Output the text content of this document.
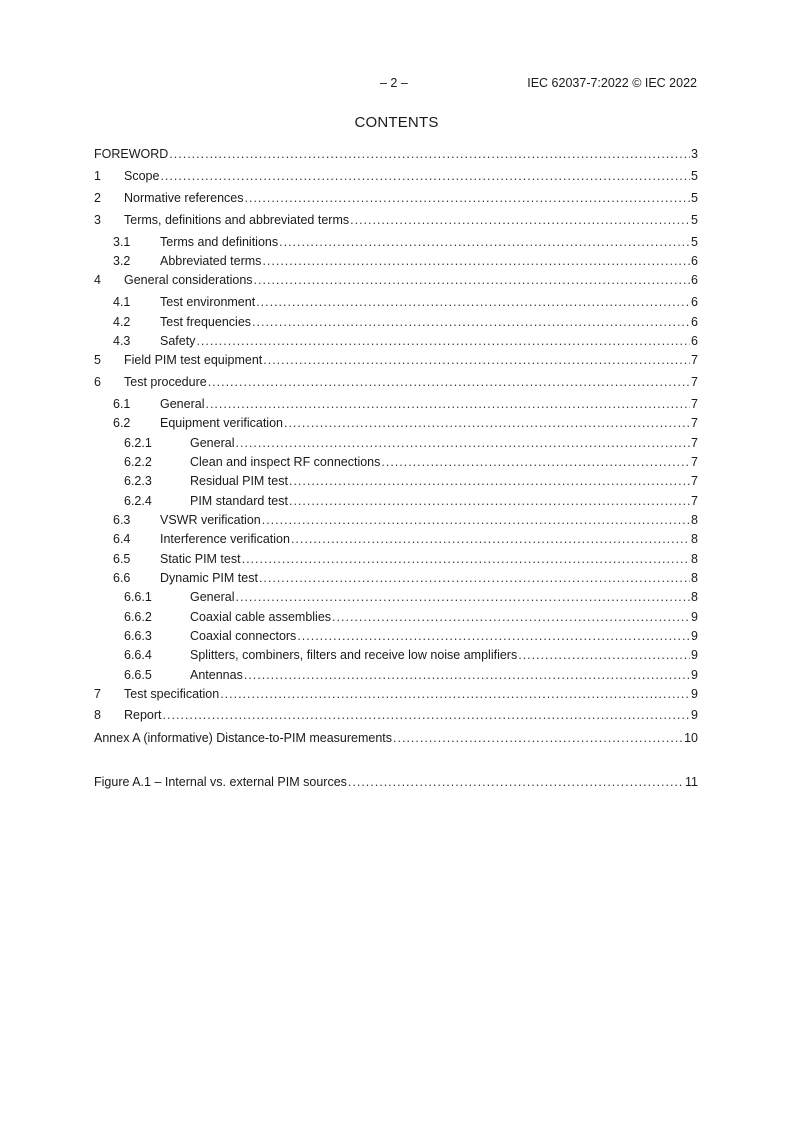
– 2 –	IEC 62037-7:2022 © IEC 2022
CONTENTS
FOREWORD .....	3
1	Scope .....	5
2	Normative references .....	5
3	Terms, definitions and abbreviated terms .....	5
3.1	Terms and definitions .....	5
3.2	Abbreviated terms .....	6
4	General considerations .....	6
4.1	Test environment .....	6
4.2	Test frequencies .....	6
4.3	Safety .....	6
5	Field PIM test equipment .....	7
6	Test procedure .....	7
6.1	General .....	7
6.2	Equipment verification .....	7
6.2.1	General .....	7
6.2.2	Clean and inspect RF connections .....	7
6.2.3	Residual PIM test .....	7
6.2.4	PIM standard test .....	7
6.3	VSWR verification .....	8
6.4	Interference verification .....	8
6.5	Static PIM test .....	8
6.6	Dynamic PIM test .....	8
6.6.1	General .....	8
6.6.2	Coaxial cable assemblies .....	9
6.6.3	Coaxial connectors .....	9
6.6.4	Splitters, combiners, filters and receive low noise amplifiers .....	9
6.6.5	Antennas .....	9
7	Test specification .....	9
8	Report .....	9
Annex A (informative) Distance-to-PIM measurements .....	10
Figure A.1 – Internal vs. external PIM sources .....	11
